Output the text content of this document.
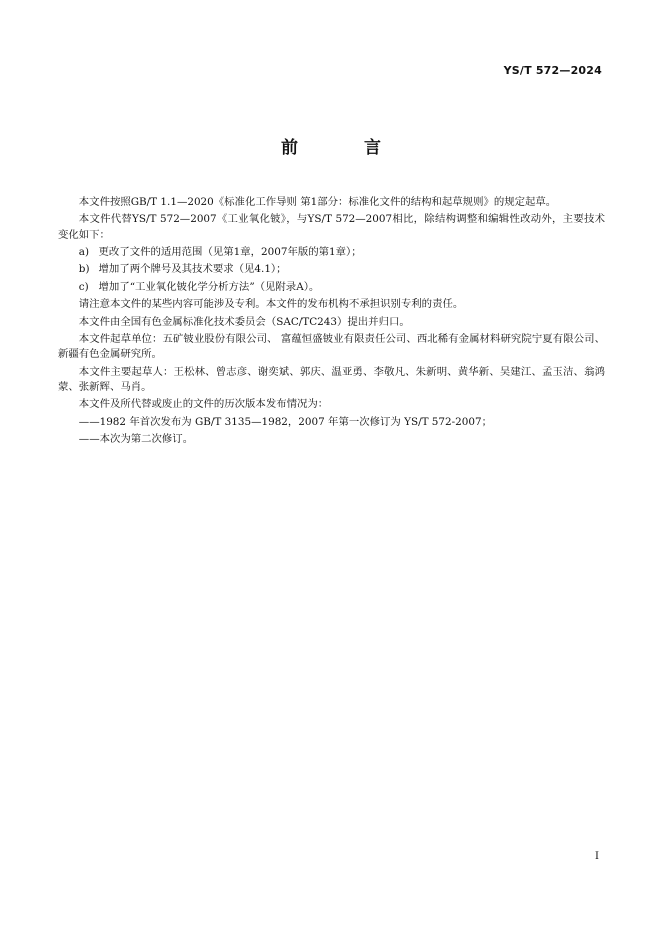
YS/T 572—2024
前 言

本文件按照GB/T 1.1—2020《标准化工作导则 第1部分：标准化文件的结构和起草规则》的规定起草。

本文件代替YS/T 572—2007《工业氧化铍》，与YS/T 572—2007相比，除结构调整和编辑性改动外，主要技术变化如下：

a) 更改了文件的适用范围（见第1章，2007年版的第1章）；
b) 增加了两个牌号及其技术要求（见4.1）；
c) 增加了“工业氧化铍化学分析方法”（见附录A）。

请注意本文件的某些内容可能涉及专利。本文件的发布机构不承担识别专利的责任。

本文件由全国有色金属标准化技术委员会（SAC/TC243）提出并归口。

本文件起草单位：五矿铍业股份有限公司、 富蕴恒盛铍业有限责任公司、西北稀有金属材料研究院宁夏有限公司、新疆有色金属研究所。

本文件主要起草人：王松林、曾志彦、谢奕斌、郭庆、温亚勇、李敬凡、朱新明、黄华新、吴建江、孟玉洁、翁鸿蒙、张新辉、马肖。

本文件及所代替或废止的文件的历次版本发布情况为：

——1982 年首次发布为 GB/T 3135—1982，2007 年第一次修订为 YS/T 572-2007；

——本次为第二次修订。

I
